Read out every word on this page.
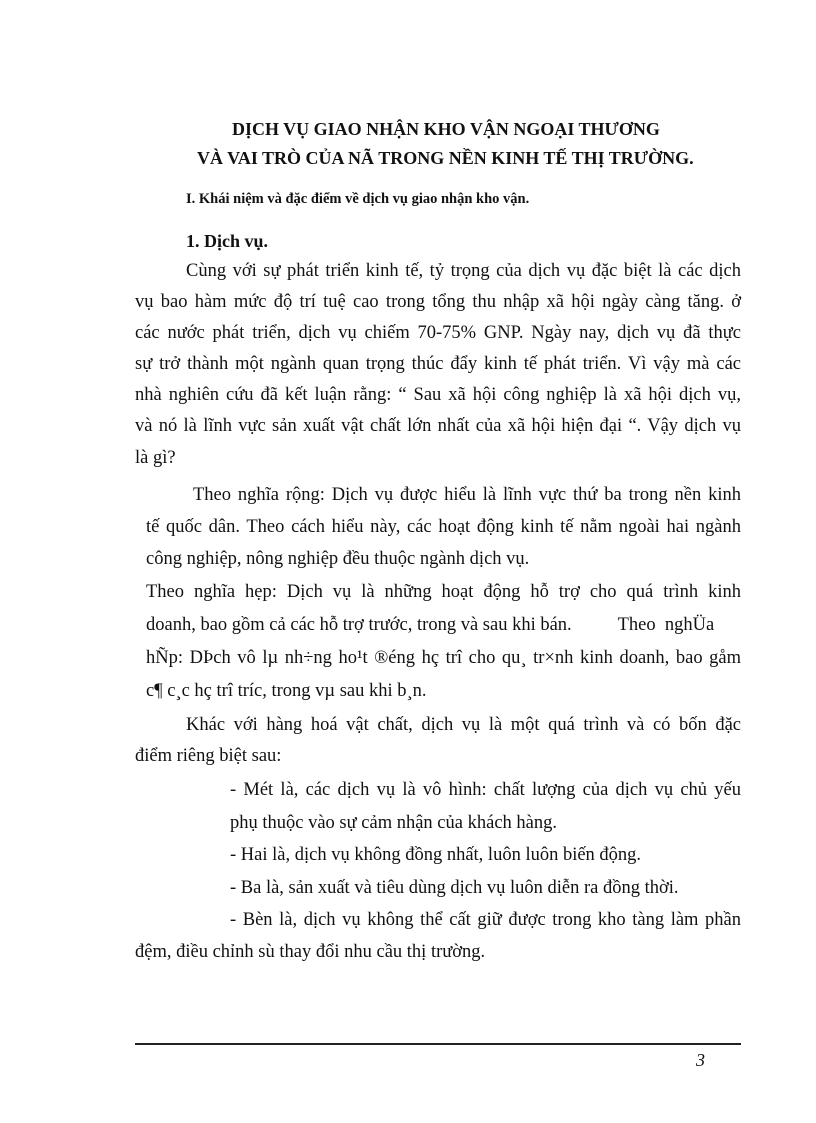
DỊCH VỤ GIAO NHẬN KHO VẬN NGOẠI THƯƠNG
VÀ VAI TRÒ CỦA NÃ TRONG NỀN KINH TẾ THỊ TRƯỜNG.
I. Khái niệm và đặc điểm về dịch vụ giao nhận kho vận.
1. Dịch vụ.
Cùng với sự phát triển kinh tế, tỷ trọng của dịch vụ đặc biệt là các dịch
vụ bao hàm mức độ trí tuệ cao trong tổng thu nhập xã hội ngày càng tăng. ở
các nước phát triển, dịch vụ chiếm 70-75% GNP. Ngày nay, dịch vụ đã thực
sự trở thành một ngành quan trọng thúc đẩy kinh tế phát triển. Vì vậy mà các
nhà nghiên cứu đã kết luận rằng: “ Sau xã hội công nghiệp là xã hội dịch vụ,
và nó là lĩnh vực sản xuất vật chất lớn nhất của xã hội hiện đại “. Vậy dịch vụ
là gì?
Theo nghĩa rộng: Dịch vụ được hiểu là lĩnh vực thứ ba trong nền kinh
tế quốc dân. Theo cách hiểu này, các hoạt động kinh tế nằm ngoài hai ngành
công nghiệp, nông nghiệp đều thuộc ngành dịch vụ.
Theo nghĩa hẹp: Dịch vụ là những hoạt động hỗ trợ cho quá trình kinh
doanh, bao gồm cả các hỗ trợ trước, trong và sau khi bán.          Theo  nghÜa
hÑp: DÞch vô lµ nh÷ng ho¹t ®éng hç trî cho qu¸ tr×nh kinh doanh, bao gåm
c¶ c¸c hç trî tríc, trong vµ sau khi b¸n.
Khác với hàng hoá vật chất, dịch vụ là một quá trình và có bốn đặc
điểm riêng biệt sau:
- Mét là, các dịch vụ là vô hình: chất lượng của dịch vụ chủ yếu
phụ thuộc vào sự cảm nhận của khách hàng.
- Hai là, dịch vụ không đồng nhất, luôn luôn biến động.
- Ba là, sản xuất và tiêu dùng dịch vụ luôn diễn ra đồng thời.
- Bèn là, dịch vụ không thể cất giữ được trong kho tàng làm phần
đệm, điều chỉnh sù thay đổi nhu cầu thị trường.
3
